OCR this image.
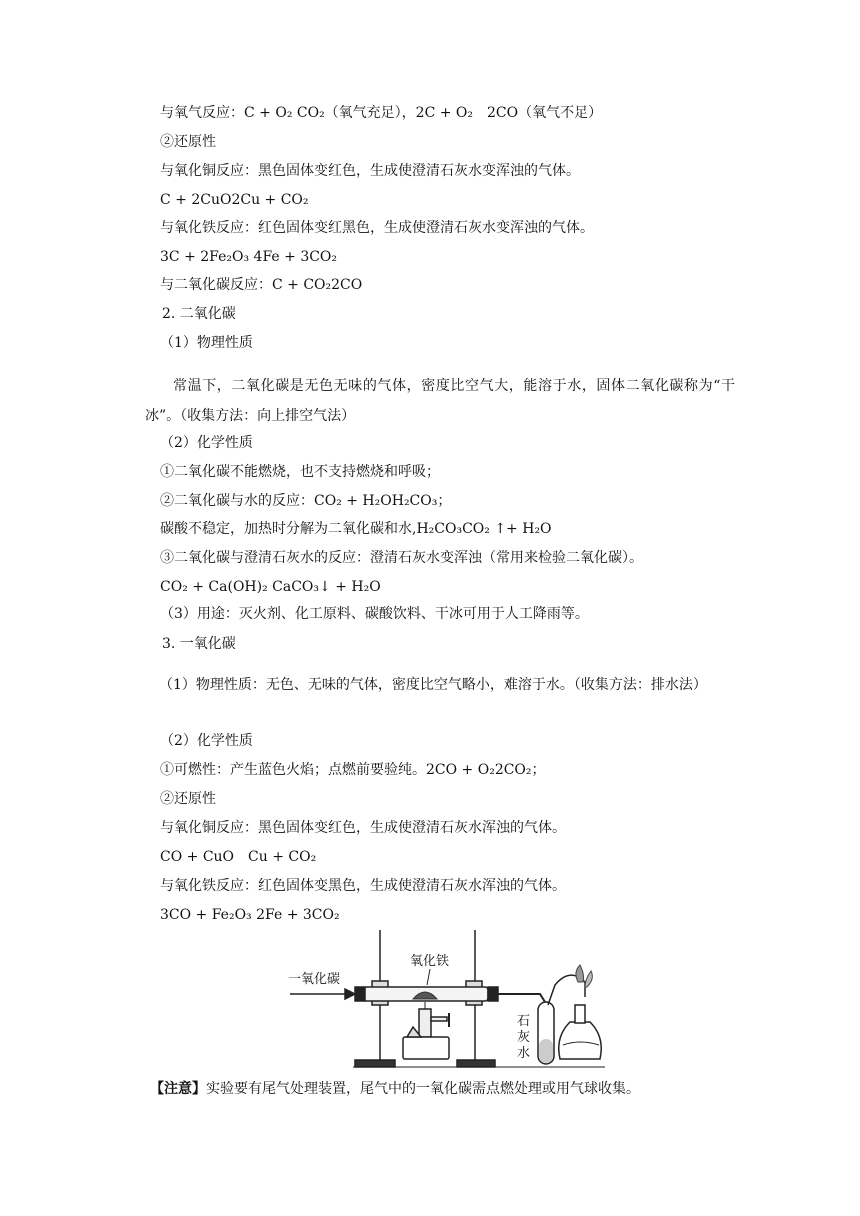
与氧气反应：C + O₂ CO₂（氧气充足），2C + O₂　2CO（氧气不足）
②还原性
与氧化铜反应：黑色固体变红色，生成使澄清石灰水变浑浊的气体。
C + 2CuO2Cu + CO₂
与氧化铁反应：红色固体变红黑色，生成使澄清石灰水变浑浊的气体。
3C + 2Fe₂O₃ 4Fe + 3CO₂
与二氧化碳反应：C + CO₂2CO
2. 二氧化碳
（1）物理性质
常温下，二氧化碳是无色无味的气体，密度比空气大，能溶于水，固体二氧化碳称为“干冰”。（收集方法：向上排空气法）
（2）化学性质
①二氧化碳不能燃烧，也不支持燃烧和呼吸；
②二氧化碳与水的反应：CO₂ + H₂OH₂CO₃；
碳酸不稳定，加热时分解为二氧化碳和水,H₂CO₃CO₂ ↑+ H₂O
③二氧化碳与澄清石灰水的反应：澄清石灰水变浑浊（常用来检验二氧化碳）。
CO₂ + Ca(OH)₂ CaCO₃↓ + H₂O
（3）用途：灭火剂、化工原料、碳酸饮料、干冰可用于人工降雨等。
3. 一氧化碳
（1）物理性质：无色、无味的气体，密度比空气略小，难溶于水。（收集方法：排水法）
（2）化学性质
①可燃性：产生蓝色火焰；点燃前要验纯。2CO + O₂2CO₂；
②还原性
与氧化铜反应：黑色固体变红色，生成使澄清石灰水浑浊的气体。
CO + CuO　Cu + CO₂
与氧化铁反应：红色固体变黑色，生成使澄清石灰水浑浊的气体。
3CO + Fe₂O₃ 2Fe + 3CO₂
一氧化碳
氧化铁
石
灰
水
【注意】实验要有尾气处理装置，尾气中的一氧化碳需点燃处理或用气球收集。
